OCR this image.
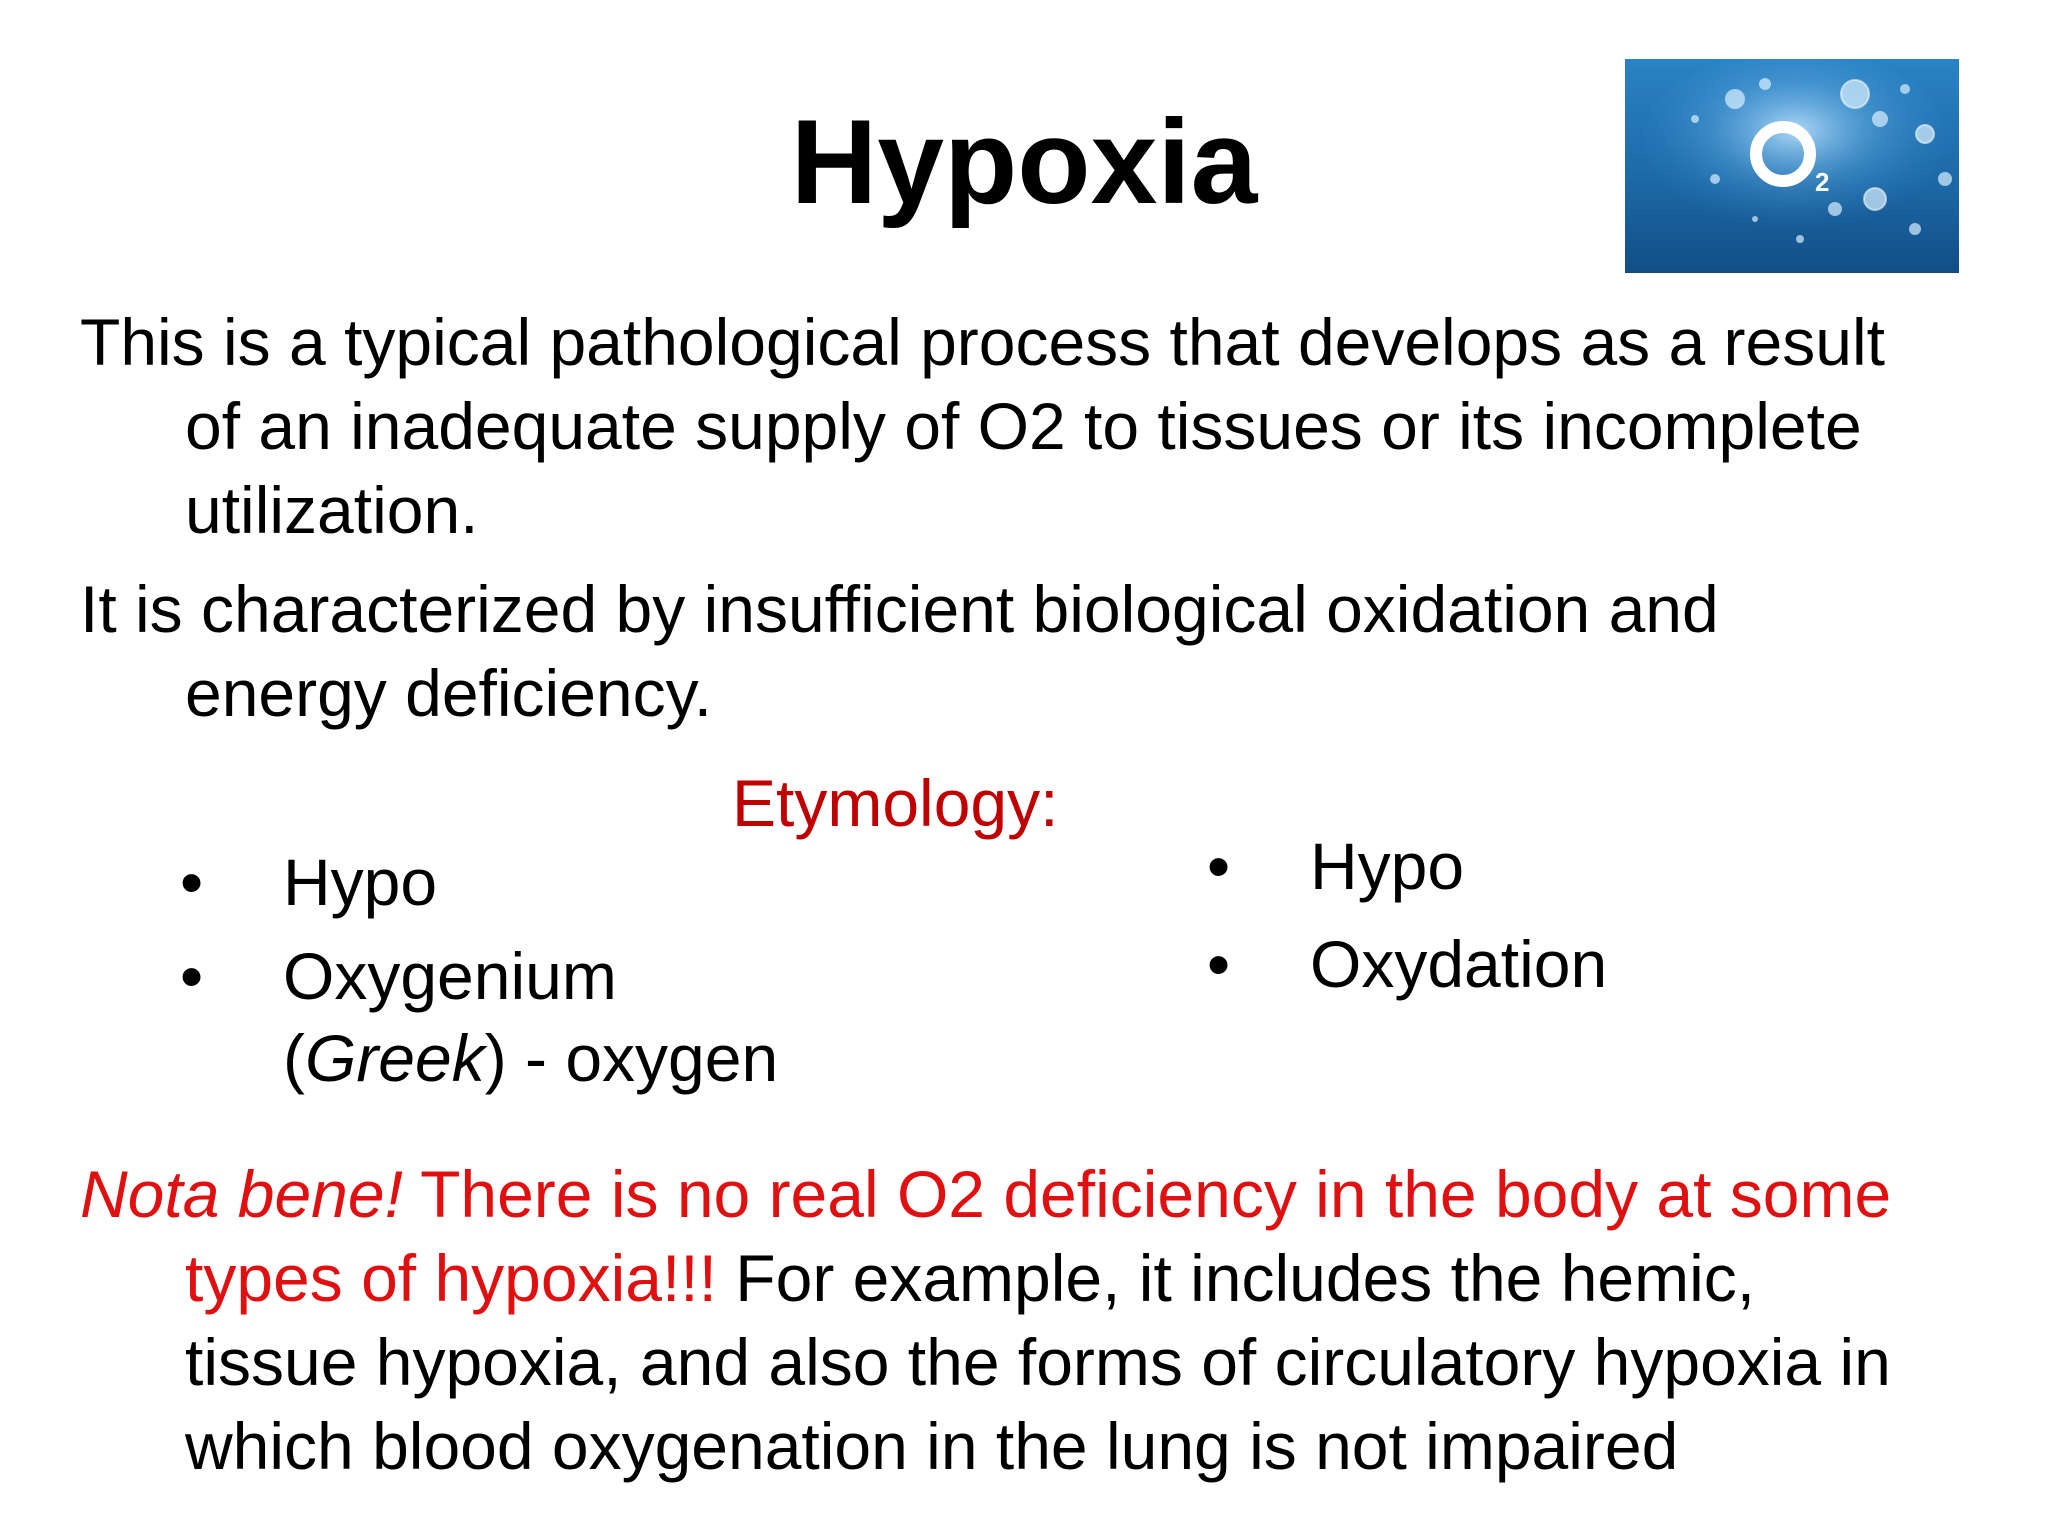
Hypoxia	2
This is a typical pathological process that develops as a result
of an inadequate supply of O2 to tissues or its incomplete
utilization.
It is characterized by insufficient biological oxidation and
energy deficiency.
Etymology:
• Hypo
• Oxygenium
(Greek) - oxygen
• Hypo
• Oxydation
Nota bene! There is no real O2 deficiency in the body at some
types of hypoxia!!! For example, it includes the hemic,
tissue hypoxia, and also the forms of circulatory hypoxia in
which blood oxygenation in the lung is not impaired
